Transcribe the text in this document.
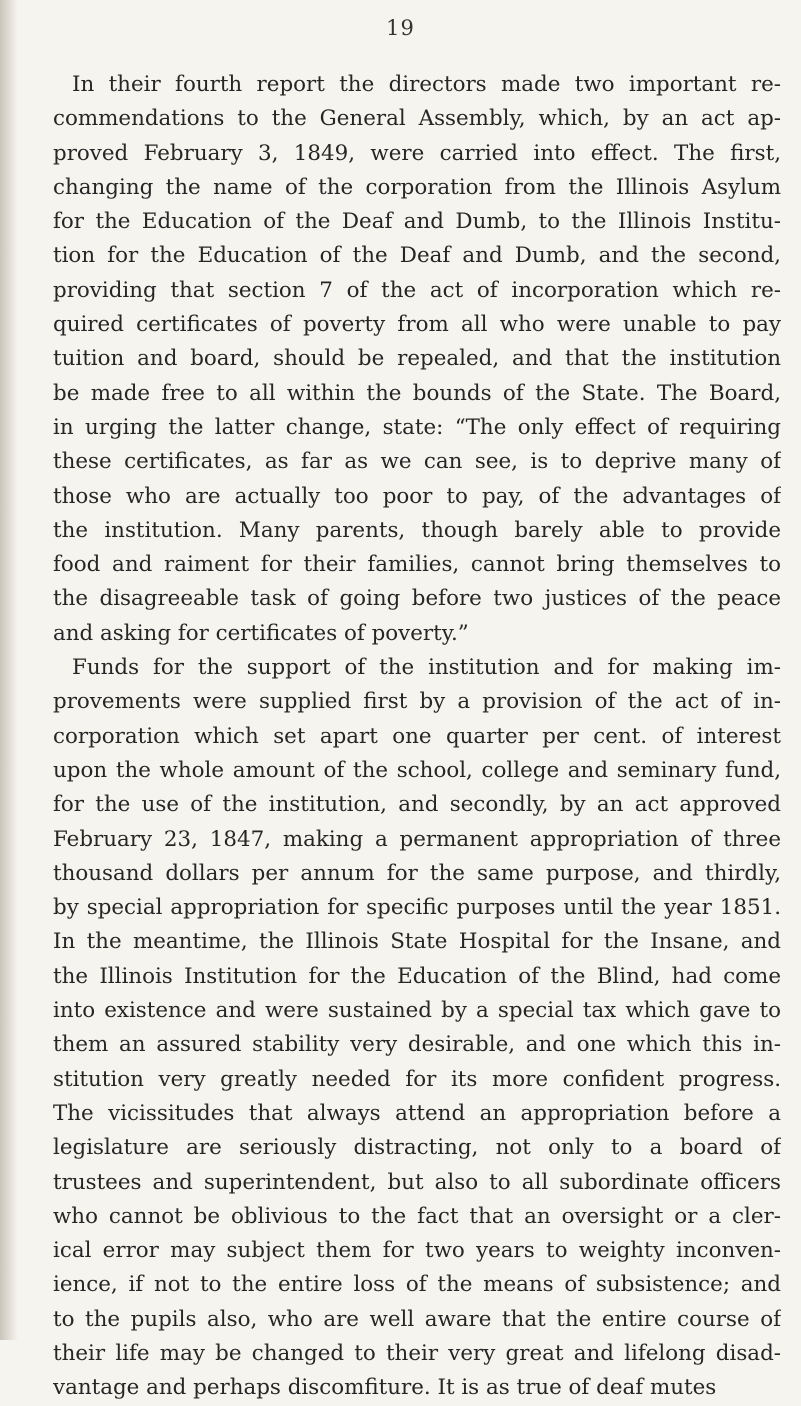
19
In their fourth report the directors made two important re-
commendations to the General Assembly, which, by an act ap-
proved February 3, 1849, were carried into effect. The first,
changing the name of the corporation from the Illinois Asylum
for the Education of the Deaf and Dumb, to the Illinois Institu-
tion for the Education of the Deaf and Dumb, and the second,
providing that section 7 of the act of incorporation which re-
quired certificates of poverty from all who were unable to pay
tuition and board, should be repealed, and that the institution
be made free to all within the bounds of the State. The Board,
in urging the latter change, state: “The only effect of requiring
these certificates, as far as we can see, is to deprive many of
those who are actually too poor to pay, of the advantages of
the institution. Many parents, though barely able to provide
food and raiment for their families, cannot bring themselves to
the disagreeable task of going before two justices of the peace
and asking for certificates of poverty.”
Funds for the support of the institution and for making im-
provements were supplied first by a provision of the act of in-
corporation which set apart one quarter per cent. of interest
upon the whole amount of the school, college and seminary fund,
for the use of the institution, and secondly, by an act approved
February 23, 1847, making a permanent appropriation of three
thousand dollars per annum for the same purpose, and thirdly,
by special appropriation for specific purposes until the year 1851.
In the meantime, the Illinois State Hospital for the Insane, and
the Illinois Institution for the Education of the Blind, had come
into existence and were sustained by a special tax which gave to
them an assured stability very desirable, and one which this in-
stitution very greatly needed for its more confident progress.
The vicissitudes that always attend an appropriation before a
legislature are seriously distracting, not only to a board of
trustees and superintendent, but also to all subordinate officers
who cannot be oblivious to the fact that an oversight or a cler-
ical error may subject them for two years to weighty inconven-
ience, if not to the entire loss of the means of subsistence; and
to the pupils also, who are well aware that the entire course of
their life may be changed to their very great and lifelong disad-
vantage and perhaps discomfiture. It is as true of deaf mutes
